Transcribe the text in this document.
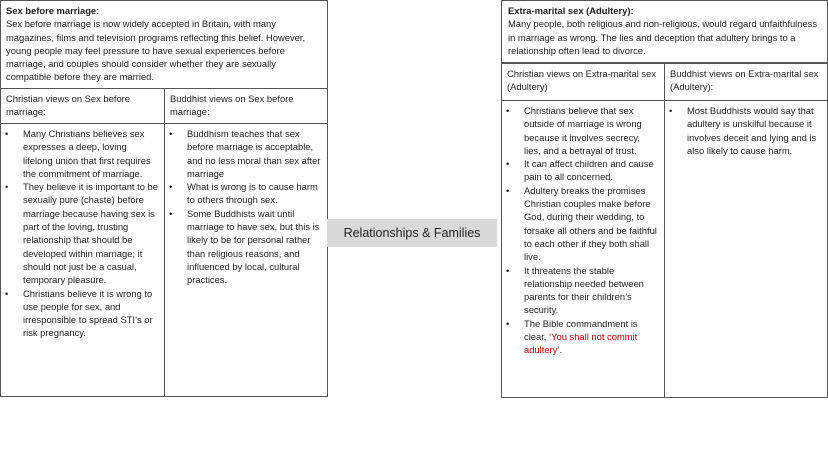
Sex before marriage:
Sex before marriage is now widely accepted in Britain, with many magazines, films and television programs reflecting this belief. However, young people may feel pressure to have sexual experiences before marriage, and couples should consider whether they are sexually compatible before they are married.
Christian views on Sex before marriage:
Buddhist views on Sex before marriage:
• Many Christians believes sex expresses a deep, loving lifelong union that first requires the commitment of marriage.
• They believe it is important to be sexually pure (chaste) before marriage because having sex is part of the loving, trusting relationship that should be developed within marriage; it should not just be a casual, temporary pleasure.
• Christians believe it is wrong to use people for sex, and irresponsible to spread STI’s or risk pregnancy.
• Buddhism teaches that sex before marriage is acceptable, and no less moral than sex after marriage
• What is wrong is to cause harm to others through sex.
• Some Buddhists wait until marriage to have sex, but this is likely to be for personal rather than religious reasons, and influenced by local, cultural practices.
Relationships & Families
Extra-marital sex (Adultery):
Many people, both religious and non-religious, would regard unfaithfulness in marriage as wrong. The lies and deception that adultery brings to a relationship often lead to divorce.
Christian views on Extra-marital sex (Adultery)
Buddhist views on Extra-marital sex (Adultery):
• Christians believe that sex outside of marriage is wrong because it involves secrecy, lies, and a betrayal of trust.
• It can affect children and cause pain to all concerned.
• Adultery breaks the promises Christian couples make before God, during their wedding, to forsake all others and be faithful to each other if they both shall live.
• It threatens the stable relationship needed between parents for their children’s security.
• The Bible commandment is clear, ‘You shall not commit adultery’.
• Most Buddhists would say that adultery is unskilful because it involves deceit and lying and is also likely to cause harm.
